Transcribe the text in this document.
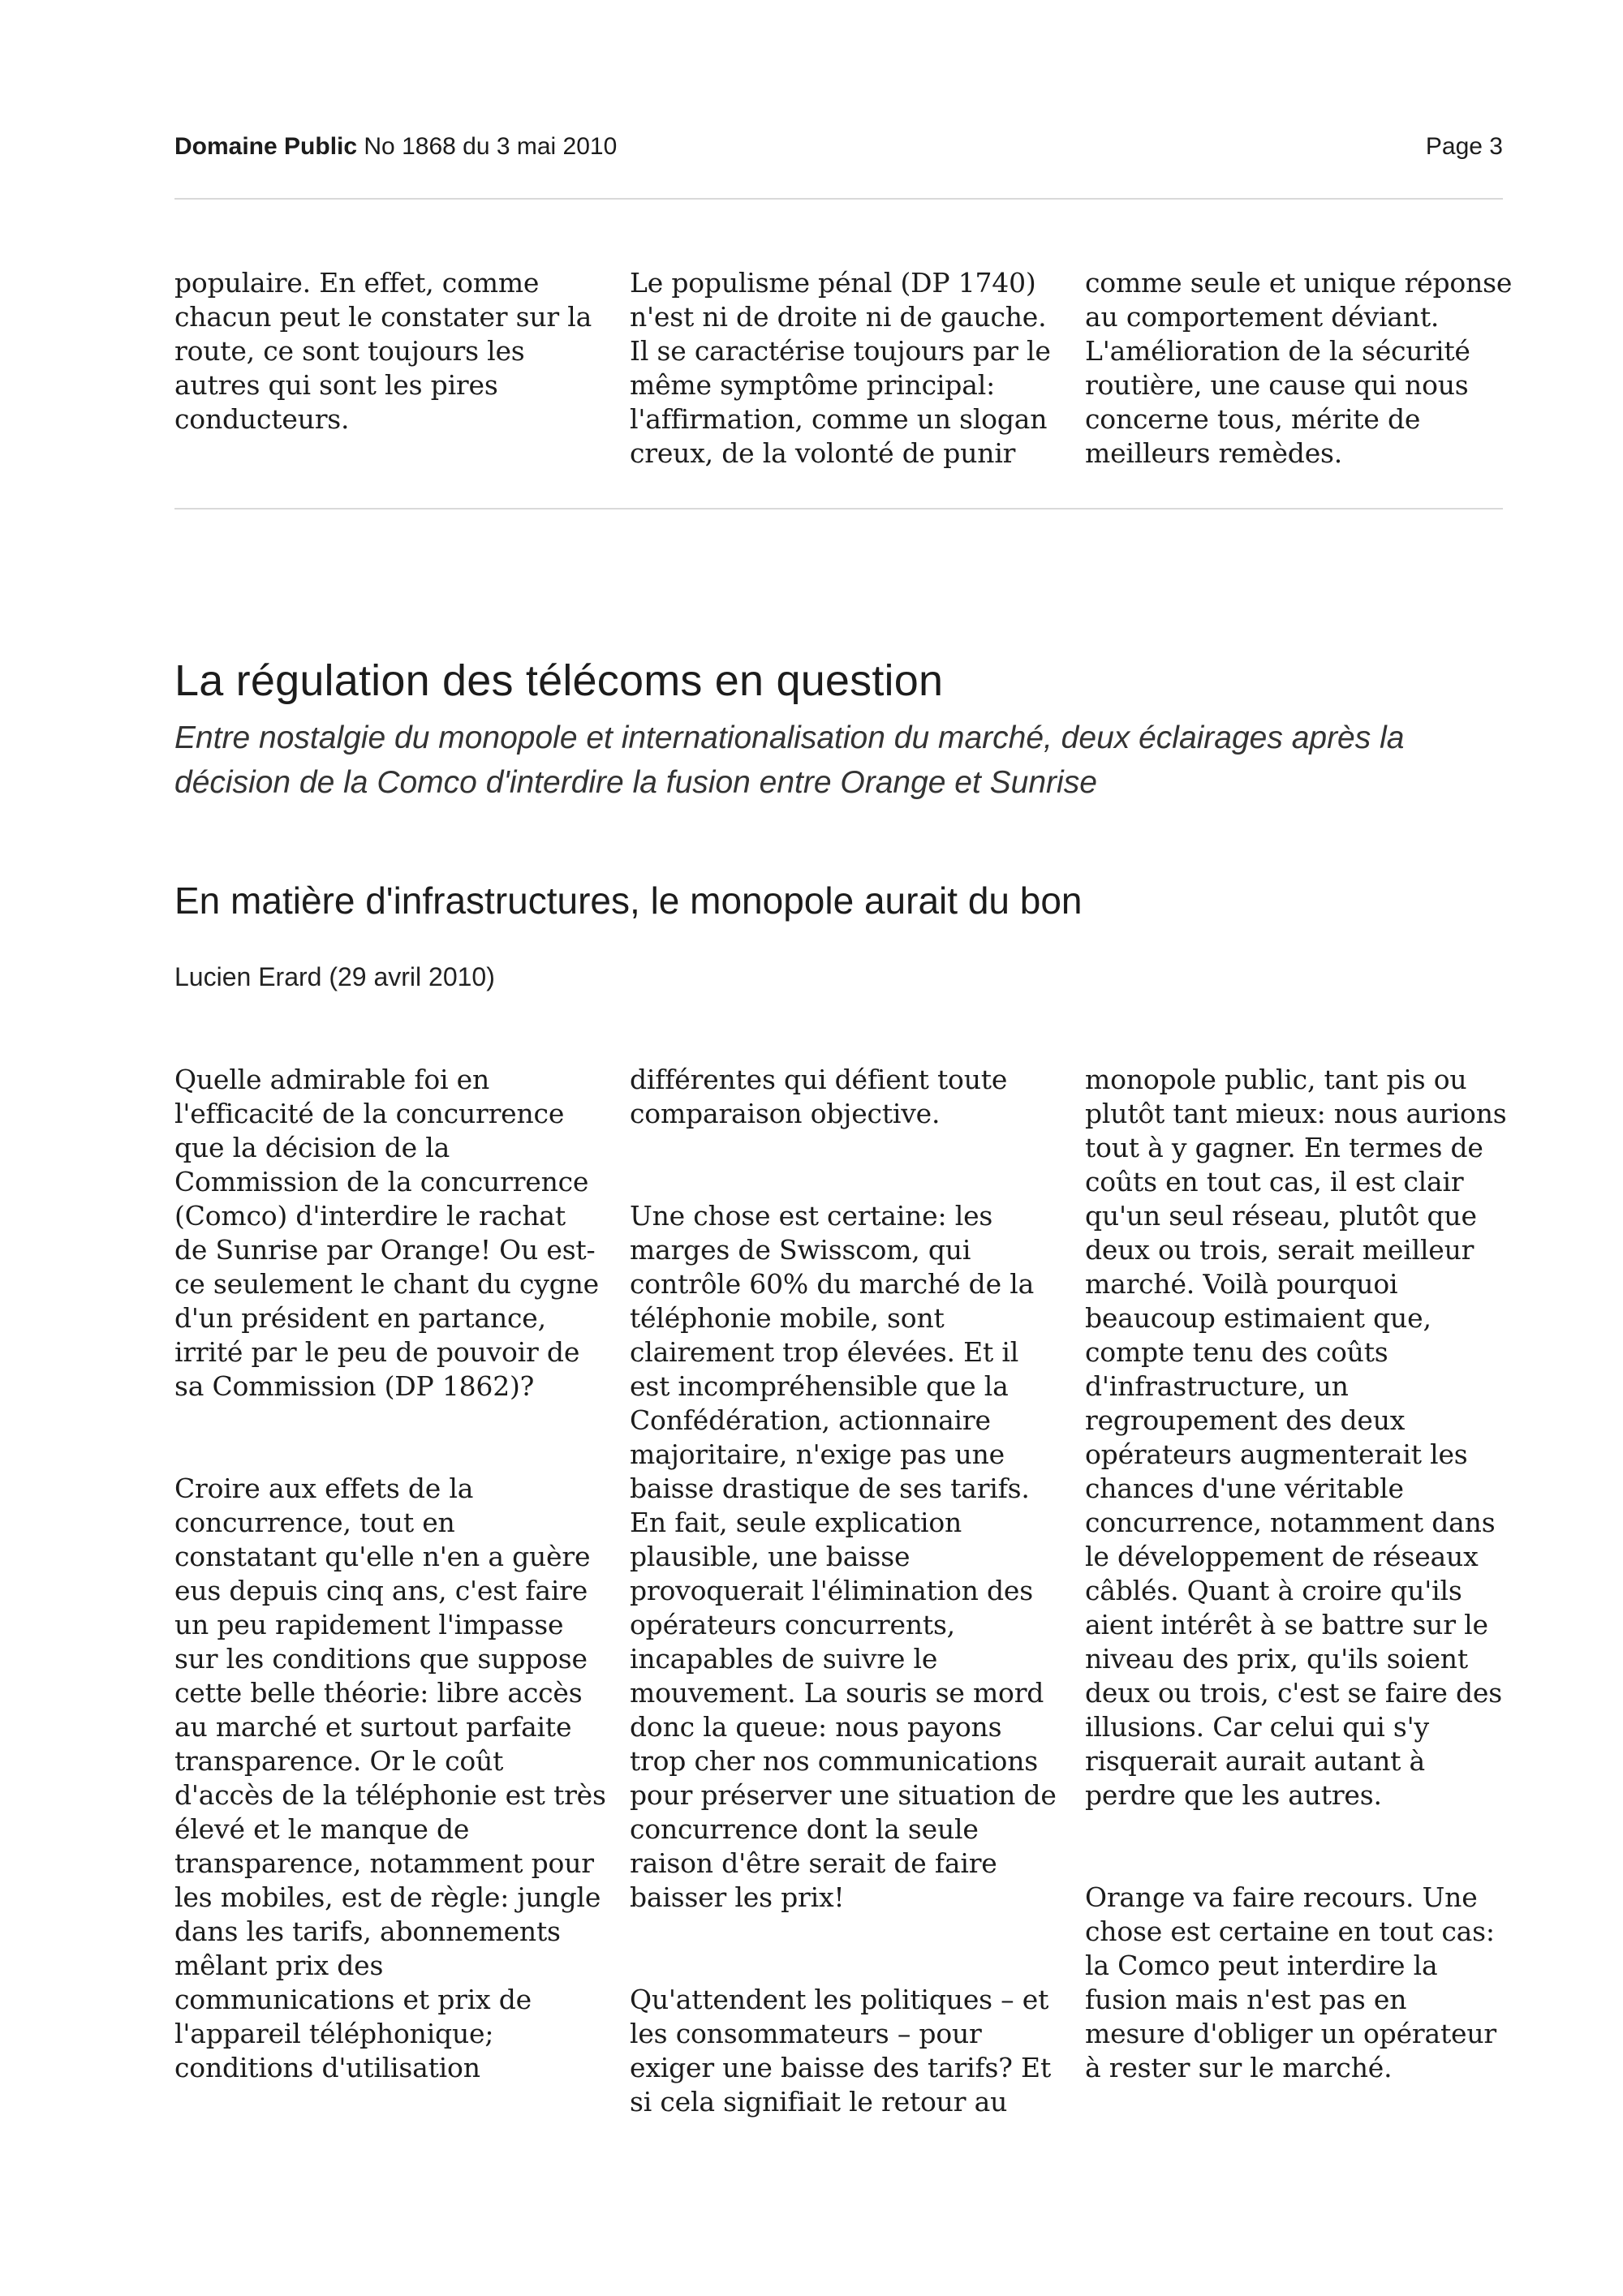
Domaine Public No 1868 du 3 mai 2010	Page 3
populaire. En effet, comme
chacun peut le constater sur la
route, ce sont toujours les
autres qui sont les pires
conducteurs.
Le populisme pénal (DP 1740)
n'est ni de droite ni de gauche.
Il se caractérise toujours par le
même symptôme principal:
l'affirmation, comme un slogan
creux, de la volonté de punir
comme seule et unique réponse
au comportement déviant.
L'amélioration de la sécurité
routière, une cause qui nous
concerne tous, mérite de
meilleurs remèdes.
La régulation des télécoms en question
Entre nostalgie du monopole et internationalisation du marché, deux éclairages après la décision de la Comco d'interdire la fusion entre Orange et Sunrise
En matière d'infrastructures, le monopole aurait du bon
Lucien Erard (29 avril 2010)

Quelle admirable foi en
l'efficacité de la concurrence
que la décision de la
Commission de la concurrence
(Comco) d'interdire le rachat
de Sunrise par Orange! Ou est-
ce seulement le chant du cygne
d'un président en partance,
irrité par le peu de pouvoir de
sa Commission (DP 1862)?

Croire aux effets de la
concurrence, tout en
constatant qu'elle n'en a guère
eus depuis cinq ans, c'est faire
un peu rapidement l'impasse
sur les conditions que suppose
cette belle théorie: libre accès
au marché et surtout parfaite
transparence. Or le coût
d'accès de la téléphonie est très
élevé et le manque de
transparence, notamment pour
les mobiles, est de règle: jungle
dans les tarifs, abonnements
mêlant prix des
communications et prix de
l'appareil téléphonique;
conditions d'utilisation

différentes qui défient toute
comparaison objective.

Une chose est certaine: les
marges de Swisscom, qui
contrôle 60% du marché de la
téléphonie mobile, sont
clairement trop élevées. Et il
est incompréhensible que la
Confédération, actionnaire
majoritaire, n'exige pas une
baisse drastique de ses tarifs.
En fait, seule explication
plausible, une baisse
provoquerait l'élimination des
opérateurs concurrents,
incapables de suivre le
mouvement. La souris se mord
donc la queue: nous payons
trop cher nos communications
pour préserver une situation de
concurrence dont la seule
raison d'être serait de faire
baisser les prix!

Qu'attendent les politiques – et
les consommateurs – pour
exiger une baisse des tarifs? Et
si cela signifiait le retour au

monopole public, tant pis ou
plutôt tant mieux: nous aurions
tout à y gagner. En termes de
coûts en tout cas, il est clair
qu'un seul réseau, plutôt que
deux ou trois, serait meilleur
marché. Voilà pourquoi
beaucoup estimaient que,
compte tenu des coûts
d'infrastructure, un
regroupement des deux
opérateurs augmenterait les
chances d'une véritable
concurrence, notamment dans
le développement de réseaux
câblés. Quant à croire qu'ils
aient intérêt à se battre sur le
niveau des prix, qu'ils soient
deux ou trois, c'est se faire des
illusions. Car celui qui s'y
risquerait aurait autant à
perdre que les autres.

Orange va faire recours. Une
chose est certaine en tout cas:
la Comco peut interdire la
fusion mais n'est pas en
mesure d'obliger un opérateur
à rester sur le marché.
